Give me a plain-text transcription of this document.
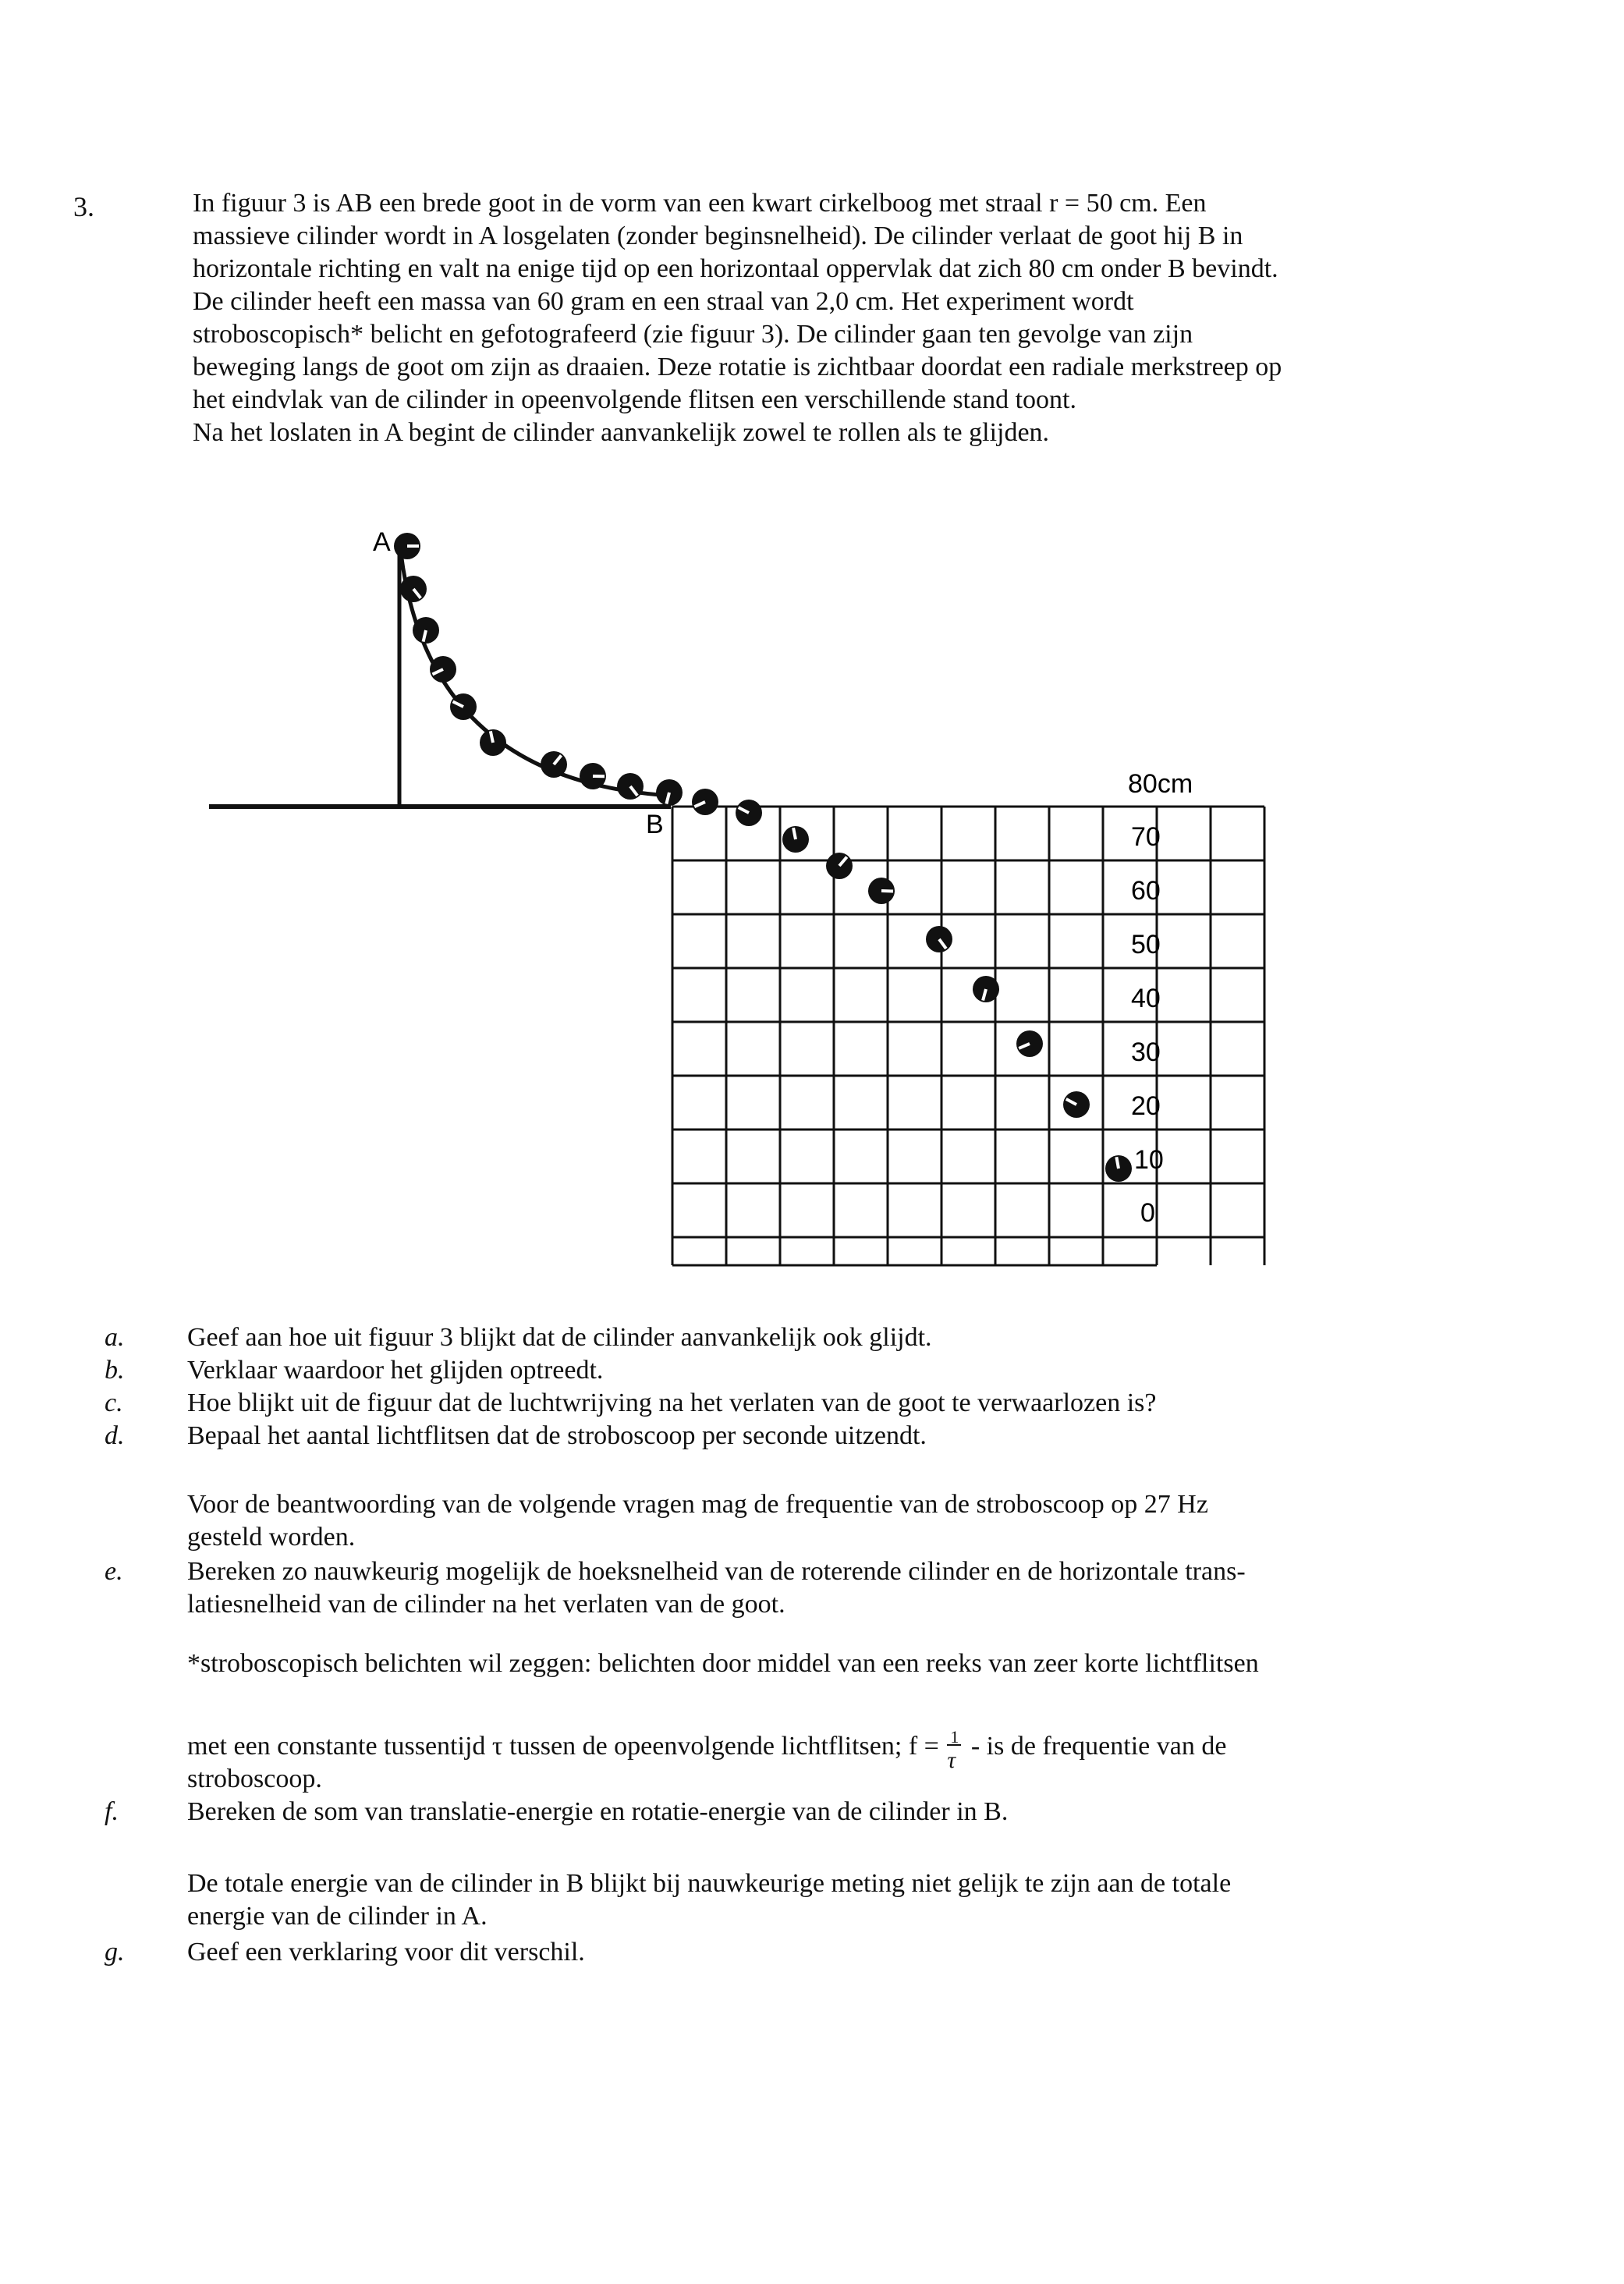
3.	In figuur 3 is AB een brede goot in de vorm van een kwart cirkelboog met straal r = 50 cm. Een

massieve cilinder wordt in A losgelaten (zonder beginsnelheid). De cilinder verlaat de goot hij B in

horizontale richting en valt na enige tijd op een horizontaal oppervlak dat zich 80 cm onder B bevindt.

De cilinder heeft een massa van 60 gram en een straal van 2,0 cm. Het experiment wordt

stroboscopisch* belicht en gefotografeerd (zie figuur 3). De cilinder gaan ten gevolge van zijn

beweging langs de goot om zijn as draaien. Deze rotatie is zichtbaar doordat een radiale merkstreep op

het eindvlak van de cilinder in opeenvolgende flitsen een verschillende stand toont.

Na het loslaten in A begint de cilinder aanvankelijk zowel te rollen als te glijden.

A
B
80cm
70
60
50
40
30
20
10
0
a. Geef aan hoe uit figuur 3 blijkt dat de cilinder aanvankelijk ook glijdt.
b. Verklaar waardoor het glijden optreedt.
c. Hoe blijkt uit de figuur dat de luchtwrijving na het verlaten van de goot te verwaarlozen is?
d. Bepaal het aantal lichtflitsen dat de stroboscoop per seconde uitzendt.
Voor de beantwoording van de volgende vragen mag de frequentie van de stroboscoop op 27 Hz
gesteld worden.
e. Bereken zo nauwkeurig mogelijk de hoeksnelheid van de roterende cilinder en de horizontale trans-
latiesnelheid van de cilinder na het verlaten van de goot.
*stroboscopisch belichten wil zeggen: belichten door middel van een reeks van zeer korte lichtflitsen
met een constante tussentijd τ tussen de opeenvolgende lichtflitsen; f = 1
τ - is de frequentie van de
stroboscoop.
f.	Bereken de som van translatie-energie en rotatie-energie van de cilinder in B.
De totale energie van de cilinder in B blijkt bij nauwkeurige meting niet gelijk te zijn aan de totale
energie van de cilinder in A.
g. Geef een verklaring voor dit verschil.
